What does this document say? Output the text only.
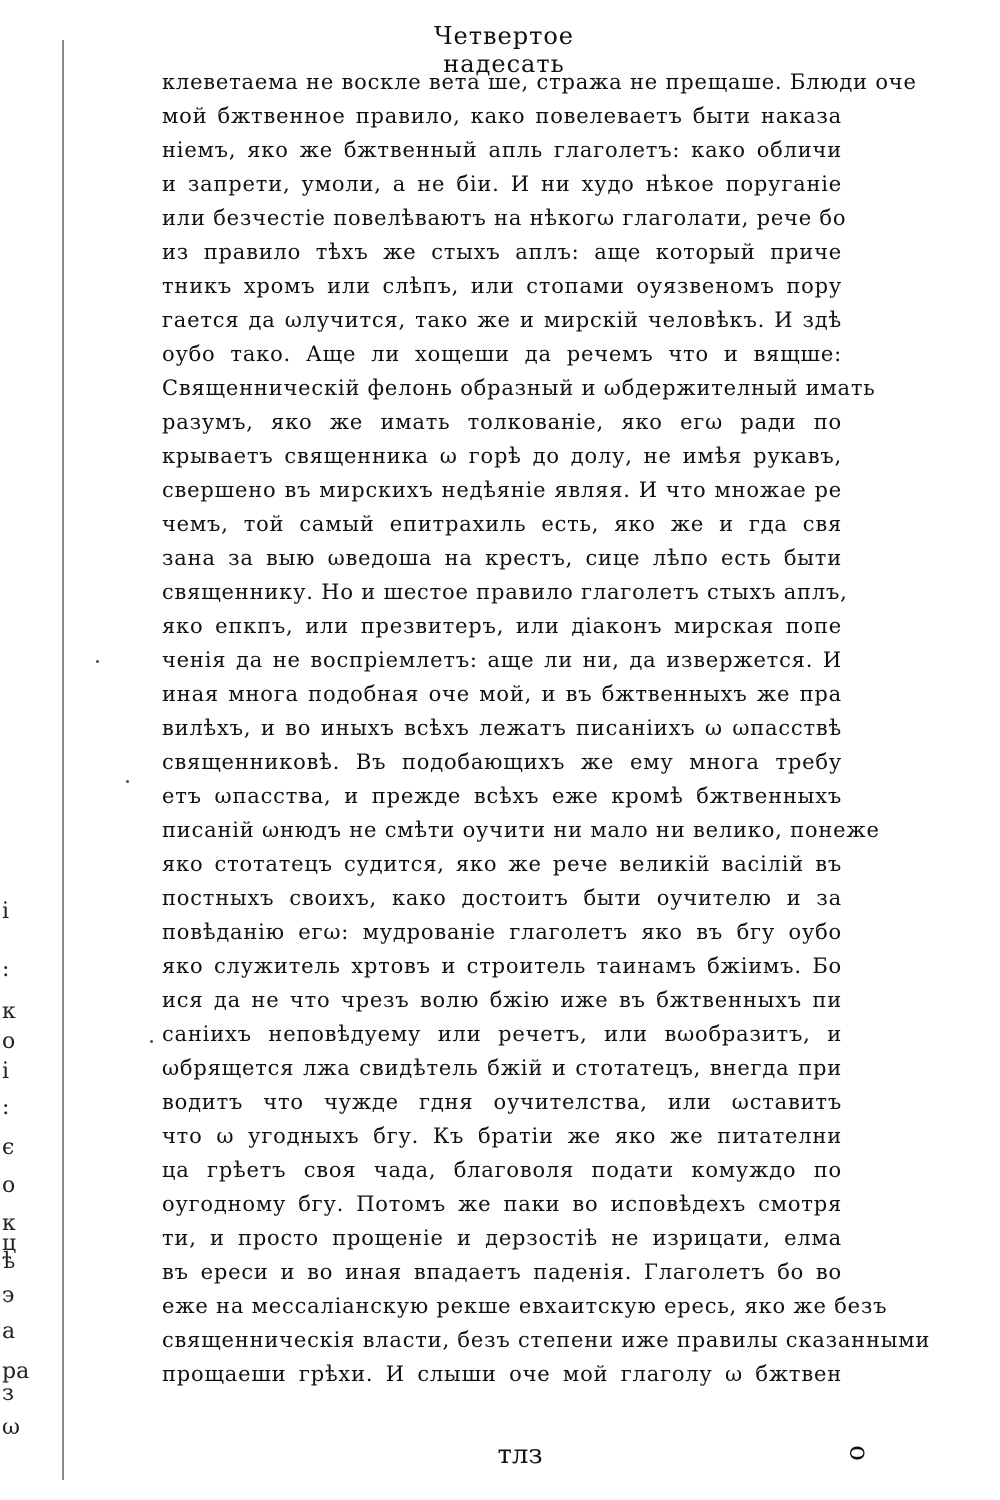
i
:
к
о
i
:
є
о
к
ц
ѣ
э
а
ра
з
ω
Четвертое надесать
клеветаема не воскле вета ше, стража не прещаше. Блюди оче
мой бжтвенное правило, како повелеваетъ быти наказа
нiемъ, яко же бжтвенный апль глаголетъ: како обличи
и запрети, умоли, а не бiи. И ни худо нѣкое поруганiе
или безчестiе повелѣваютъ на нѣкогω глаголати, рече бо
из правило тѣхъ же стыхъ аплъ: аще который приче
тникъ хромъ или слѣпъ, или стопами оуязвеномъ пору
гается да ωлучится, тако же и мирскiй человѣкъ. И здѣ
оубо тако. Аще ли хощеши да речемъ что и вящше:
Священническiй фелонь образный и ωбдержителный имать
разумъ, яко же имать толкованiе, яко егω ради по
крываетъ священника ω горѣ до долу, не имѣя рукавъ,
свершено въ мирскихъ недѣянiе являя. И что множае ре
чемъ, той самый епитрахиль есть, яко же и гда свя
зана за выю ωведоша на крестъ, сице лѣпо есть быти
священнику. Но и шестое правило глаголетъ стыхъ аплъ,
яко епкпъ, или презвитеръ, или дiаконъ мирская попе
ченiя да не воспрiемлетъ: аще ли ни, да извержется. И
иная многа подобная оче мой, и въ бжтвенныхъ же пра
вилѣхъ, и во иныхъ всѣхъ лежатъ писанiихъ ω ωпасствѣ
священниковѣ. Въ подобающихъ же ему многа требу
етъ ωпасства, и прежде всѣхъ еже кромѣ бжтвенныхъ
писанiй ωнюдъ не смѣти оучити ни мало ни велико, понеже
яко стотатецъ судится, яко же рече великiй васiлiй въ
постныхъ своихъ, како достоитъ быти оучителю и за
повѣданiю егω: мудрованiе глаголетъ яко въ бгу оубо
яко служитель хртовъ и строитель таинамъ бжiимъ. Бо
ися да не что чрезъ волю бжiю иже въ бжтвенныхъ пи
санiихъ неповѣдуему или речетъ, или вωобразитъ, и
ωбрящется лжа свидѣтель бжiй и стотатецъ, внегда при
водитъ что чужде гдня оучителства, или ωставитъ
что ω угодныхъ бгу. Къ братiи же яко же питателни
ца грѣетъ своя чада, благоволя подати комуждо по
оугодному бгу. Потомъ же паки во исповѣдехъ смотря
ти, и просто прощенiе и дерзостiѣ не изрицати, елма
въ ереси и во иная впадаетъ паденiя. Глаголетъ бо во
еже на мессалiанскую рекше евхаитскую ересь, яко же безъ
священническiя власти, безъ степени иже правилы сказанными
прощаеши грѣхи. И слыши оче мой глаголу ω бжтвен
тлз	о
